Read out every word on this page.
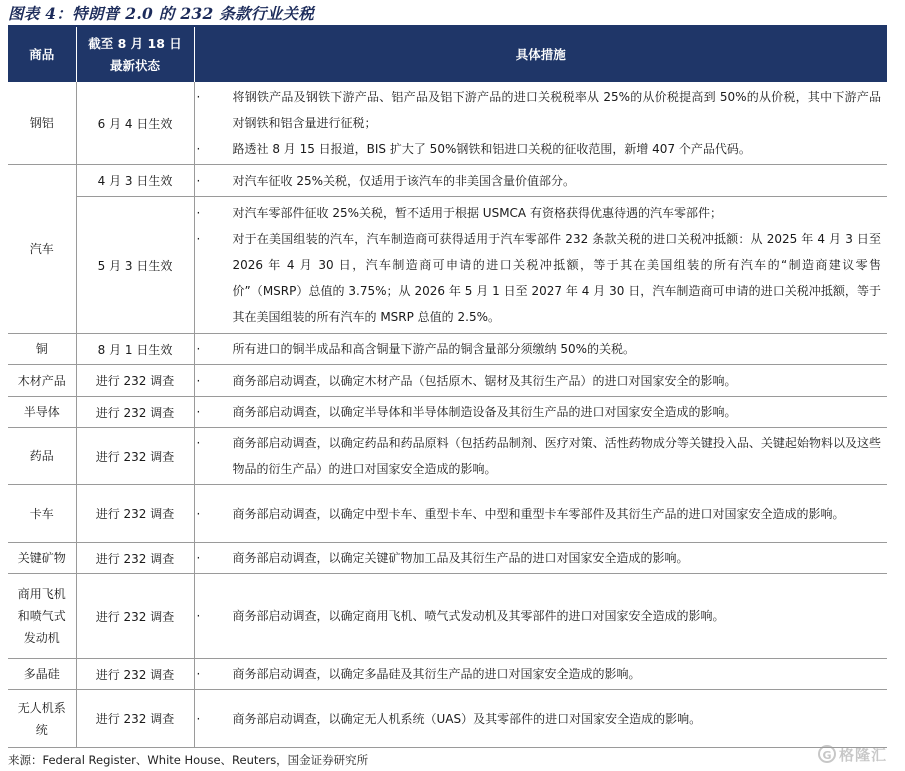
图表 4：特朗普 2.0 的 232 条款行业关税
商品	截至 8 月 18 日
最新状态	具体措施
钢铝	6 月 4 日生效	· 将钢铁产品及钢铁下游产品、铝产品及铝下游产品的进口关税税率从 25%的从价税提高到 50%的从价税，其中下游产品对钢铁和铝含量进行征税；
· 路透社 8 月 15 日报道，BIS 扩大了 50%钢铁和铝进口关税的征收范围，新增 407 个产品代码。

汽车	4 月 3 日生效	· 对汽车征收 25%关税，仅适用于该汽车的非美国含量价值部分。

	5 月 3 日生效	· 对汽车零部件征收 25%关税，暂不适用于根据 USMCA 有资格获得优惠待遇的汽车零部件；
· 对于在美国组装的汽车，汽车制造商可获得适用于汽车零部件 232 条款关税的进口关税冲抵额：从 2025 年 4 月 3 日至 2026 年 4 月 30 日，汽车制造商可申请的进口关税冲抵额，等于其在美国组装的所有汽车的“制造商建议零售价”（MSRP）总值的 3.75%；从 2026 年 5 月 1 日至 2027 年 4 月 30 日，汽车制造商可申请的进口关税冲抵额，等于其在美国组装的所有汽车的 MSRP 总值的 2.5%。

铜	8 月 1 日生效	· 所有进口的铜半成品和高含铜量下游产品的铜含量部分须缴纳 50%的关税。

木材产品	进行 232 调查	· 商务部启动调查，以确定木材产品（包括原木、锯材及其衍生产品）的进口对国家安全的影响。

半导体	进行 232 调查	· 商务部启动调查，以确定半导体和半导体制造设备及其衍生产品的进口对国家安全造成的影响。

药品	进行 232 调查	· 商务部启动调查，以确定药品和药品原料（包括药品制剂、医疗对策、活性药物成分等关键投入品、关键起始物料以及这些物品的衍生产品）的进口对国家安全造成的影响。

卡车	进行 232 调查	· 商务部启动调查，以确定中型卡车、重型卡车、中型和重型卡车零部件及其衍生产品的进口对国家安全造成的影响。

关键矿物	进行 232 调查	· 商务部启动调查，以确定关键矿物加工品及其衍生产品的进口对国家安全造成的影响。

商用飞机
和喷气式
发动机	进行 232 调查	· 商务部启动调查，以确定商用飞机、喷气式发动机及其零部件的进口对国家安全造成的影响。

多晶硅	进行 232 调查	· 商务部启动调查，以确定多晶硅及其衍生产品的进口对国家安全造成的影响。

无人机系
统	进行 232 调查	· 商务部启动调查，以确定无人机系统（UAS）及其零部件的进口对国家安全造成的影响。
来源：Federal Register、White House、Reuters，国金证券研究所	G 格隆汇
